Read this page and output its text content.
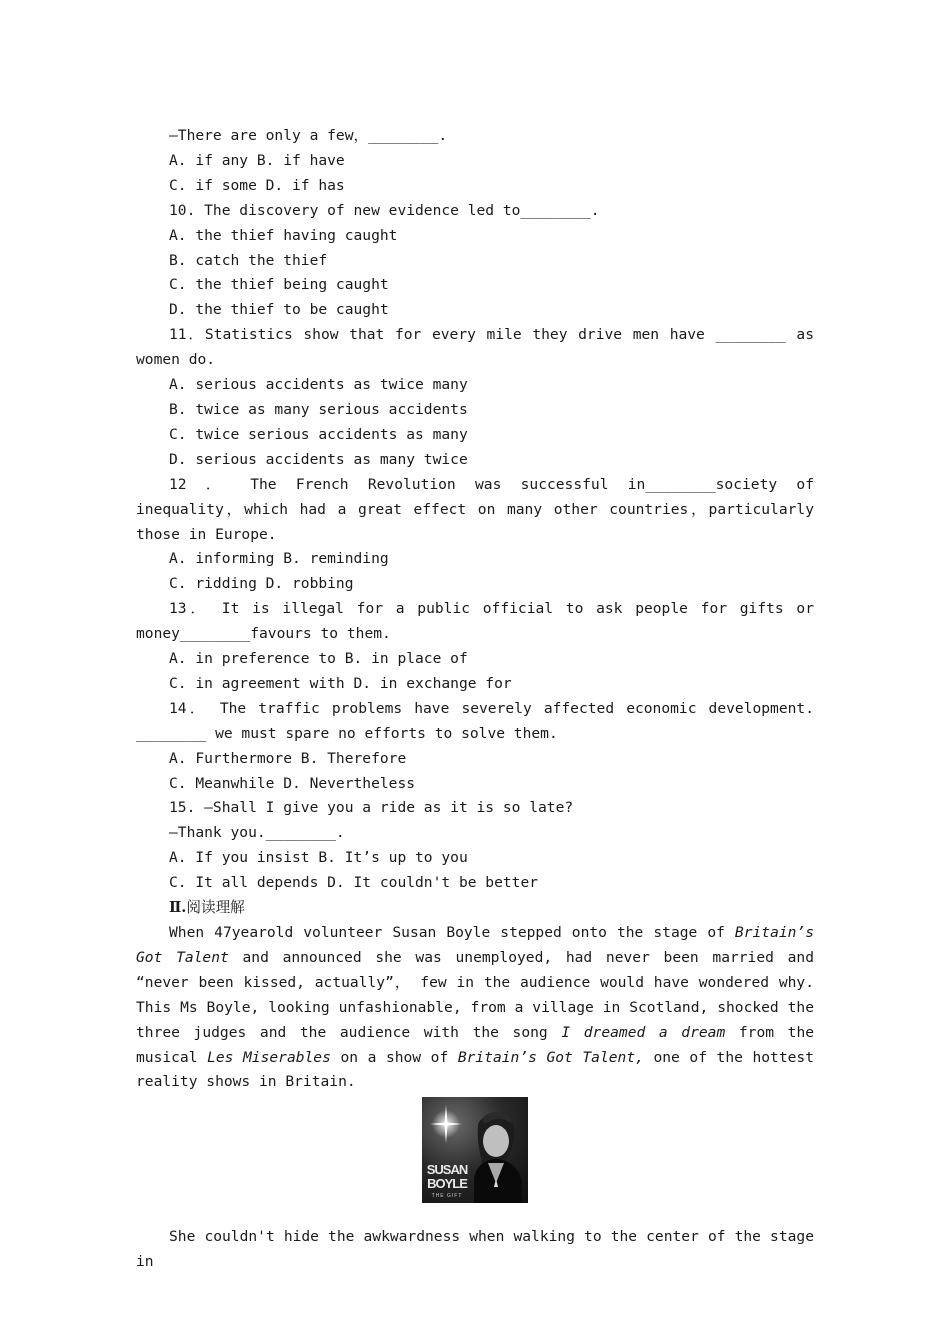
—There are only a few，________.

A. if any B. if have

C. if some D. if has

10. The discovery of new evidence led to________.

A. the thief having caught

B. catch the thief

C. the thief being caught

D. the thief to be caught

11．Statistics show that for every mile they drive men have ________ as women do.

A. serious accidents as twice many

B. twice as many serious accidents

C. twice serious accidents as many

D. serious accidents as many twice

12 ． The French Revolution was successful in________society of inequality，which had a great effect on many other countries，particularly those in Europe.

A. informing B. reminding

C. ridding D. robbing

13． It is illegal for a public official to ask people for gifts or money________favours to them.

A. in preference to B. in place of

C. in agreement with D. in exchange for

14． The traffic problems have severely affected economic development. ________ we must spare no efforts to solve them.

A. Furthermore B. Therefore

C. Meanwhile D. Nevertheless

15. —Shall I give you a ride as it is so late?

—Thank you.________.

A. If you insist B. It’s up to you

C. It all depends D. It couldn't be better

Ⅱ.阅读理解

When 47yearold volunteer Susan Boyle stepped onto the stage of Britain’s Got Talent and announced she was unemployed, had never been married and “never been kissed, actually”， few in the audience would have wondered why. This Ms Boyle, looking unfashionable, from a village in Scotland, shocked the three judges and the audience with the song I dreamed a dream from the musical Les Miserables on a show of Britain’s Got Talent, one of the hottest reality shows in Britain.

SUSAN
BOYLE
THE GIFT

She couldn't hide the awkwardness when walking to the center of the stage in
